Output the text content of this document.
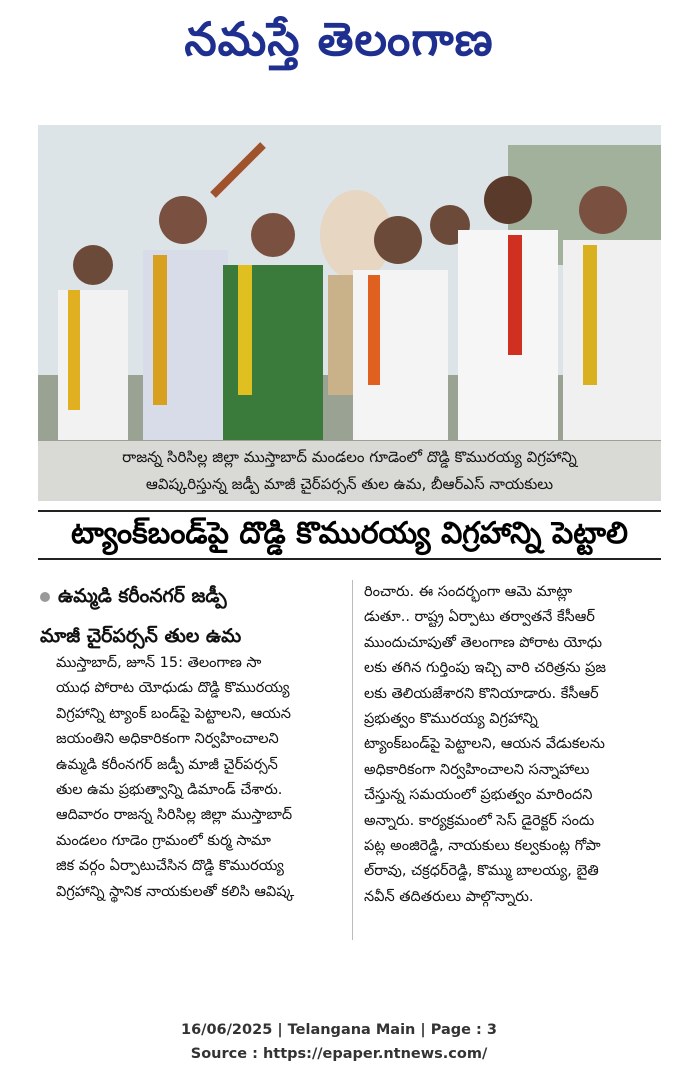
నమస్తే తెలంగాణ
రాజన్న సిరిసిల్ల జిల్లా ముస్తాబాద్ మండలం గూడెంలో దొడ్డి కొమురయ్య విగ్రహాన్ని
ఆవిష్కరిస్తున్న జడ్పీ మాజీ చైర్‌పర్సన్ తుల ఉమ, బీఆర్‌ఎస్ నాయకులు
ట్యాంక్‌బండ్‌పై దొడ్డి కొమురయ్య విగ్రహాన్ని పెట్టాలి
ఉమ్మడి కరీంనగర్ జడ్పీ
మాజీ చైర్‌పర్సన్ తుల ఉమ
ముస్తాబాద్, జూన్ 15: తెలంగాణ సా
యుధ పోరాట యోధుడు దొడ్డి కొమురయ్య
విగ్రహాన్ని ట్యాంక్ బండ్‌పై పెట్టాలని, ఆయన
జయంతిని అధికారికంగా నిర్వహించాలని
ఉమ్మడి కరీంనగర్ జడ్పీ మాజీ చైర్‌పర్సన్
తుల ఉమ ప్రభుత్వాన్ని డిమాండ్ చేశారు.
ఆదివారం రాజన్న సిరిసిల్ల జిల్లా ముస్తాబాద్
మండలం గూడెం గ్రామంలో కుర్మ సామా
జిక వర్గం ఏర్పాటుచేసిన దొడ్డి కొమురయ్య
విగ్రహాన్ని స్థానిక నాయకులతో కలిసి ఆవిష్క
రించారు. ఈ సందర్భంగా ఆమె మాట్లా
డుతూ.. రాష్ట్ర ఏర్పాటు తర్వాతనే కేసీఆర్
ముందుచూపుతో తెలంగాణ పోరాట యోధు
లకు తగిన గుర్తింపు ఇచ్చి వారి చరిత్రను ప్రజ
లకు తెలియజేశారని కొనియాడారు. కేసీఆర్
ప్రభుత్వం కొమురయ్య విగ్రహాన్ని
ట్యాంక్‌బండ్‌పై పెట్టాలని, ఆయన వేడుకలను
అధికారికంగా నిర్వహించాలని సన్నాహాలు
చేస్తున్న సమయంలో ప్రభుత్వం మారిందని
అన్నారు. కార్యక్రమంలో సెస్ డైరెక్టర్ సందు
పట్ల అంజిరెడ్డి, నాయకులు కల్వకుంట్ల గోపా
ల్‌రావు, చక్రధర్‌రెడ్డి, కొమ్ము బాలయ్య, బైతి
నవీన్ తదితరులు పాల్గొన్నారు.
16/06/2025 | Telangana Main | Page : 3
Source : https://epaper.ntnews.com/
